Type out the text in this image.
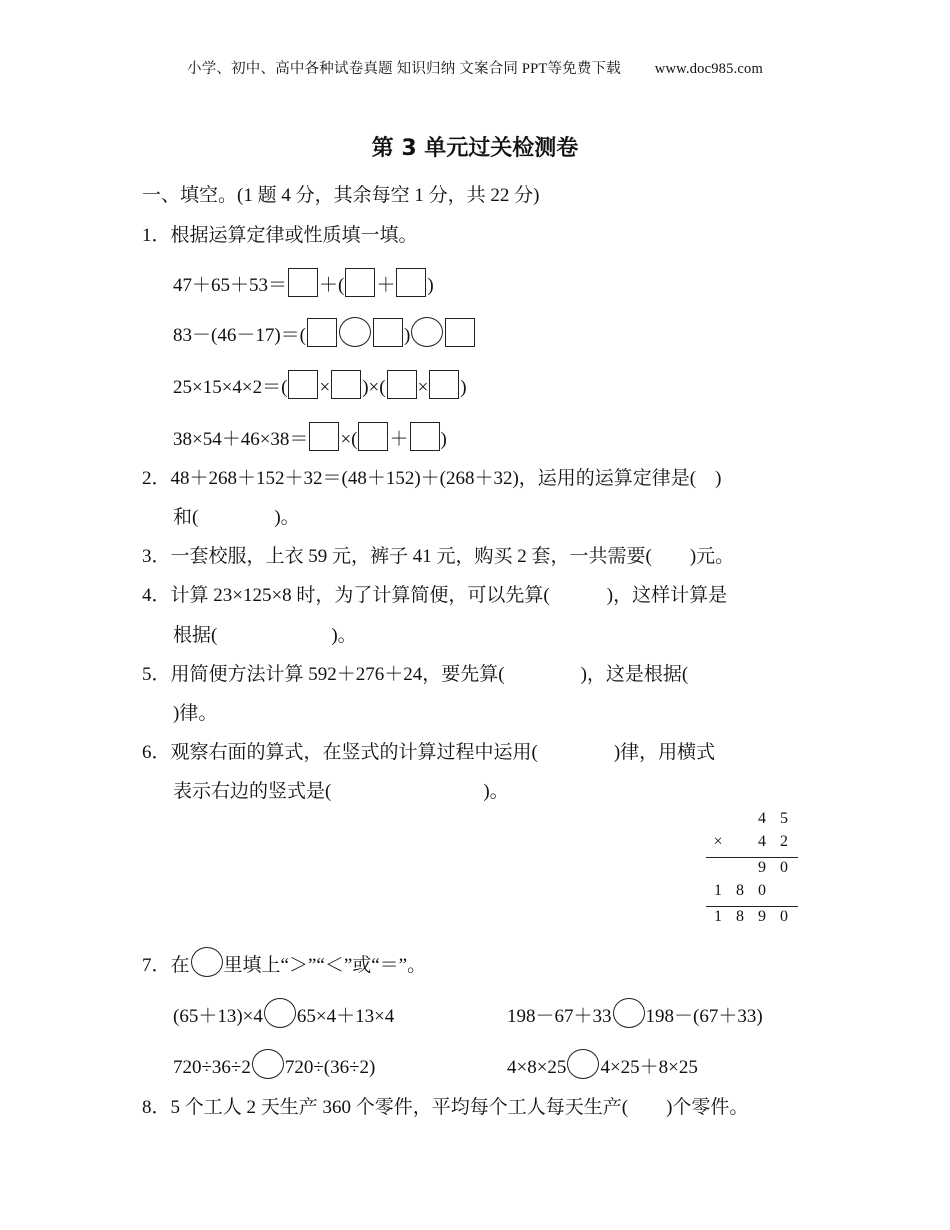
小学、初中、高中各种试卷真题 知识归纳 文案合同 PPT等免费下载 www.doc985.com
第 3 单元过关检测卷
一、填空。(1 题 4 分，其余每空 1 分，共 22 分)
1．根据运算定律或性质填一填。
47＋65＋53＝ ＋( ＋ )
83－(46－17)＝(	)
25×15×4×2＝( × )×( × )
38×54＋46×38＝ ×( ＋ )
2．48＋268＋152＋32＝(48＋152)＋(268＋32)，运用的运算定律是(　)
和(　　　　)。
3．一套校服，上衣 59 元，裤子 41 元，购买 2 套，一共需要(　　)元。
4．计算 23×125×8 时，为了计算简便，可以先算(　　　)，这样计算是
根据(　　　　　　)。
5．用简便方法计算 592＋276＋24，要先算(　　　　)，这是根据(
)律。
6．观察右面的算式，在竖式的计算过程中运用(　　　　)律，用横式
表示右边的竖式是(　　　　　　　　)。
4 5
× 4 2
9 0
1 8 0
1 8 9 0
7．在 里填上“＞”“＜”或“＝”。
(65＋13)×4 65×4＋13×4	198－67＋33 198－(67＋33)
720÷36÷2 720÷(36÷2)	4×8×25 4×25＋8×25
8．5 个工人 2 天生产 360 个零件，平均每个工人每天生产(　　)个零件。
